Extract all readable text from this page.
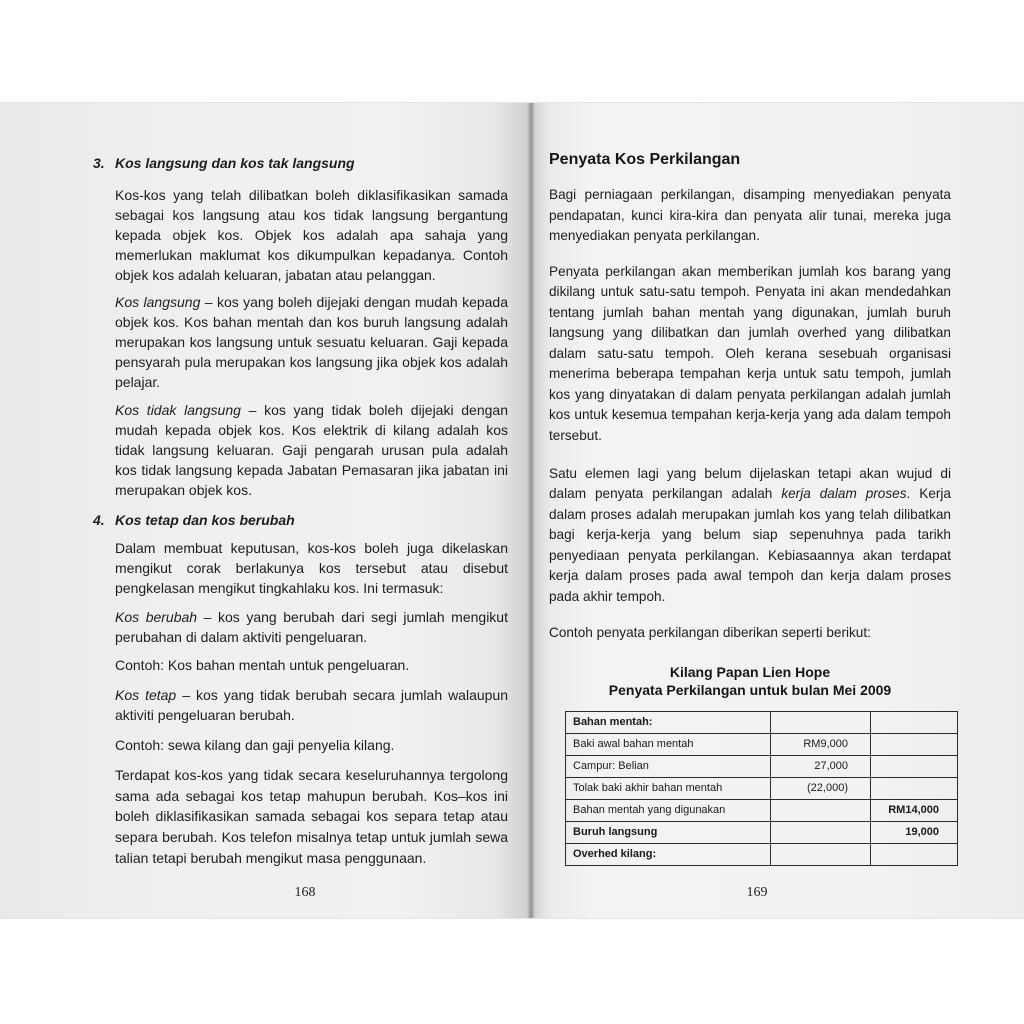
3. Kos langsung dan kos tak langsung
Kos-kos yang telah dilibatkan boleh diklasifikasikan samada
sebagai kos langsung atau kos tidak langsung bergantung
kepada objek kos. Objek kos adalah apa sahaja yang
memerlukan maklumat kos dikumpulkan kepadanya. Contoh
objek kos adalah keluaran, jabatan atau pelanggan.
Kos langsung – kos yang boleh dijejaki dengan mudah kepada
objek kos. Kos bahan mentah dan kos buruh langsung adalah
merupakan kos langsung untuk sesuatu keluaran. Gaji kepada
pensyarah pula merupakan kos langsung jika objek kos adalah
pelajar.
Kos tidak langsung – kos yang tidak boleh dijejaki dengan
mudah kepada objek kos. Kos elektrik di kilang adalah kos
tidak langsung keluaran. Gaji pengarah urusan pula adalah
kos tidak langsung kepada Jabatan Pemasaran jika jabatan ini
merupakan objek kos.
4. Kos tetap dan kos berubah
Dalam membuat keputusan, kos-kos boleh juga dikelaskan
mengikut corak berlakunya kos tersebut atau disebut
pengkelasan mengikut tingkahlaku kos. Ini termasuk:
Kos berubah – kos yang berubah dari segi jumlah mengikut
perubahan di dalam aktiviti pengeluaran.
Contoh: Kos bahan mentah untuk pengeluaran.
Kos tetap – kos yang tidak berubah secara jumlah walaupun
aktiviti pengeluaran berubah.
Contoh: sewa kilang dan gaji penyelia kilang.
Terdapat kos-kos yang tidak secara keseluruhannya tergolong
sama ada sebagai kos tetap mahupun berubah. Kos–kos ini
boleh diklasifikasikan samada sebagai kos separa tetap atau
separa berubah. Kos telefon misalnya tetap untuk jumlah sewa
talian tetapi berubah mengikut masa penggunaan.
168
Penyata Kos Perkilangan
Bagi perniagaan perkilangan, disamping menyediakan penyata
pendapatan, kunci kira-kira dan penyata alir tunai, mereka juga
menyediakan penyata perkilangan.
Penyata perkilangan akan memberikan jumlah kos barang yang
dikilang untuk satu-satu tempoh. Penyata ini akan mendedahkan
tentang jumlah bahan mentah yang digunakan, jumlah buruh
langsung yang dilibatkan dan jumlah overhed yang dilibatkan
dalam satu-satu tempoh. Oleh kerana sesebuah organisasi
menerima beberapa tempahan kerja untuk satu tempoh, jumlah
kos yang dinyatakan di dalam penyata perkilangan adalah jumlah
kos untuk kesemua tempahan kerja-kerja yang ada dalam tempoh
tersebut.
Satu elemen lagi yang belum dijelaskan tetapi akan wujud di
dalam penyata perkilangan adalah kerja dalam proses. Kerja
dalam proses adalah merupakan jumlah kos yang telah dilibatkan
bagi kerja-kerja yang belum siap sepenuhnya pada tarikh
penyediaan penyata perkilangan. Kebiasaannya akan terdapat
kerja dalam proses pada awal tempoh dan kerja dalam proses
pada akhir tempoh.
Contoh penyata perkilangan diberikan seperti berikut:
Kilang Papan Lien Hope
Penyata Perkilangan untuk bulan Mei 2009
Bahan mentah:		
Baki awal bahan mentah	RM9,000	
Campur: Belian	27,000	
Tolak baki akhir bahan mentah	(22,000)	
Bahan mentah yang digunakan		RM14,000
Buruh langsung		19,000
Overhed kilang:		
169
